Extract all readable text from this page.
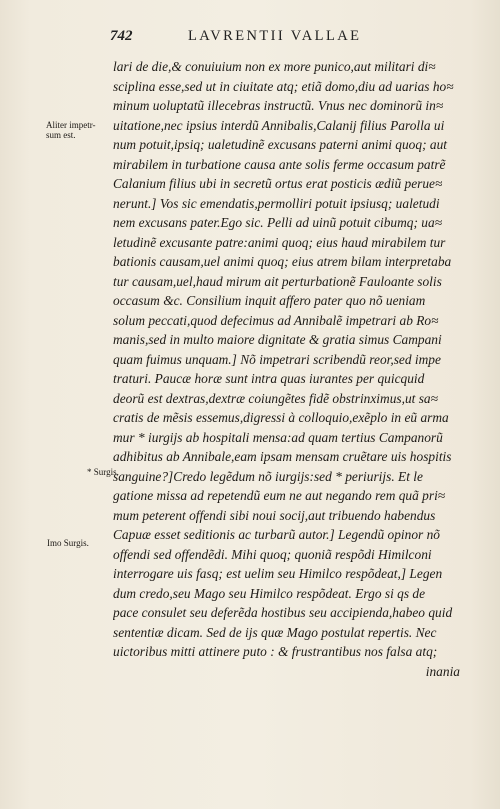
742	LAVRENTII VALLAE
Aliter impetr- sum est.
* Surgis.
Imo Surgis.
lari de die,& conuiuium non ex more punico,aut militari di≈
sciplina esse,sed ut in ciuitate atq; etiã domo,diu ad uarias ho≈
minum uoluptatũ illecebras instructũ. Vnus nec dominorũ in≈
uitatione,nec ipsius interdũ Annibalis,Calanij filius Parolla ui
num potuit,ipsiq; ualetudinẽ excusans paterni animi quoq; aut
mirabilem in turbatione causa ante solis ferme occasum patrẽ
Calanium filius ubi in secretũ ortus erat posticis ædiũ perue≈
nerunt.] Vos sic emendatis,permolliri potuit ipsiusq; ualetudi
nem excusans pater.Ego sic. Pelli ad uinũ potuit cibumq; ua≈
letudinẽ excusante patre:animi quoq; eius haud mirabilem tur
bationis causam,uel animi quoq; eius atrem bilam interpretaba
tur causam,uel,haud mirum ait perturbationẽ Fauloante solis
occasum &c. Consilium inquit affero pater quo nõ ueniam
solum peccati,quod defecimus ad Annibalẽ impetrari ab Ro≈
manis,sed in multo maiore dignitate & gratia simus Campani
quam fuimus unquam.] Nõ impetrari scribendũ reor,sed impe
traturi. Paucæ horæ sunt intra quas iurantes per quicquid
deorũ est dextras,dextræ coiungẽtes fidẽ obstrinximus,ut sa≈
cratis de mẽsis essemus,digressi à colloquio,exẽplo in eũ arma
mur * iurgijs ab hospitali mensa:ad quam tertius Campanorũ
adhibitus ab Annibale,eam ipsam mensam cruẽtare uis hospitis
sanguine?]Credo legẽdum nõ iurgijs:sed * periurijs. Et le
gatione missa ad repetendũ eum ne aut negando rem quã pri≈
mum peterent offendi sibi noui socij,aut tribuendo habendus
Capuæ esset seditionis ac turbarũ autor.] Legendũ opinor nõ
offendi sed offendẽdi. Mihi quoq; quoniã respõdi Himilconi
interrogare uis fasq; est uelim seu Himilco respõdeat,] Legen
dum credo,seu Mago seu Himilco respõdeat. Ergo si qs de
pace consulet seu deferẽda hostibus seu accipienda,habeo quid
sententiæ dicam. Sed de ijs quæ Mago postulat repertis. Nec
uictoribus mitti attinere puto : & frustrantibus nos falsa atq;
inania
